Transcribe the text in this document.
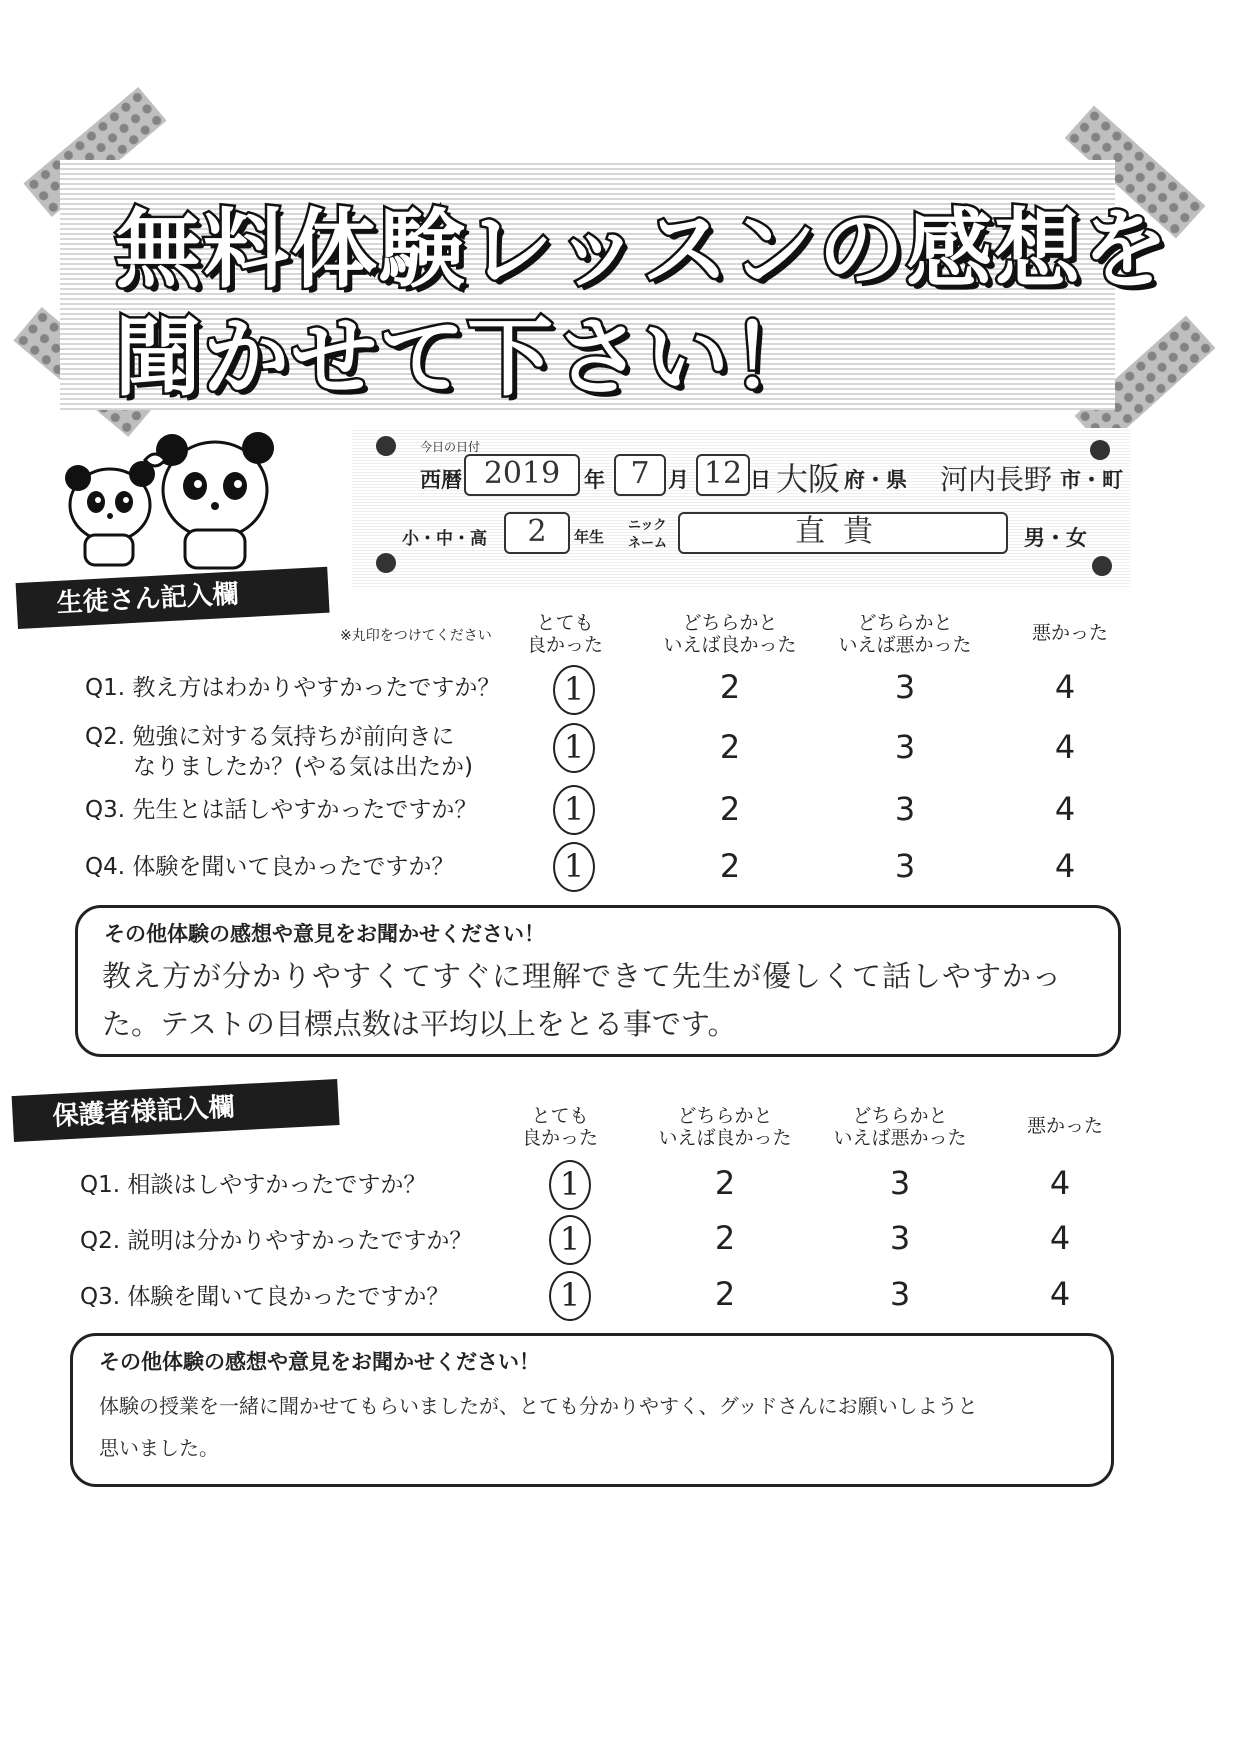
無料体験レッスンの感想を
聞かせて下さい！
今日の日付
西暦 2019	年 7 月 12 日 大阪 府・県 河内長野 市・町
小・中・高	2	年生
ニック
ネーム	直貴	男・女
生徒さん記入欄
※丸印をつけてください
とても
良かった
どちらかと
いえば良かった
どちらかと
いえば悪かった
悪かった
Q1. 教え方はわかりやすかったですか？	1	2	3	4
Q2. 勉強に対する気持ちが前向きに
なりましたか？(やる気は出たか)
1	2	3	4
Q3. 先生とは話しやすかったですか？	1	2	3	4
Q4. 体験を聞いて良かったですか？	1	2	3	4
その他体験の感想や意見をお聞かせください！
教え方が分かりやすくてすぐに理解できて先生が優しくて話しやすかっ
た。テストの目標点数は平均以上をとる事です。
保護者様記入欄	とても
良かった
どちらかと
いえば良かった
どちらかと
いえば悪かった
悪かった
Q1. 相談はしやすかったですか？	1	2	3	4
Q2. 説明は分かりやすかったですか？	1	2	3	4
Q3. 体験を聞いて良かったですか？	1	2	3	4
その他体験の感想や意見をお聞かせください！
体験の授業を一緒に聞かせてもらいましたが、とても分かりやすく、グッドさんにお願いしようと
思いました。
